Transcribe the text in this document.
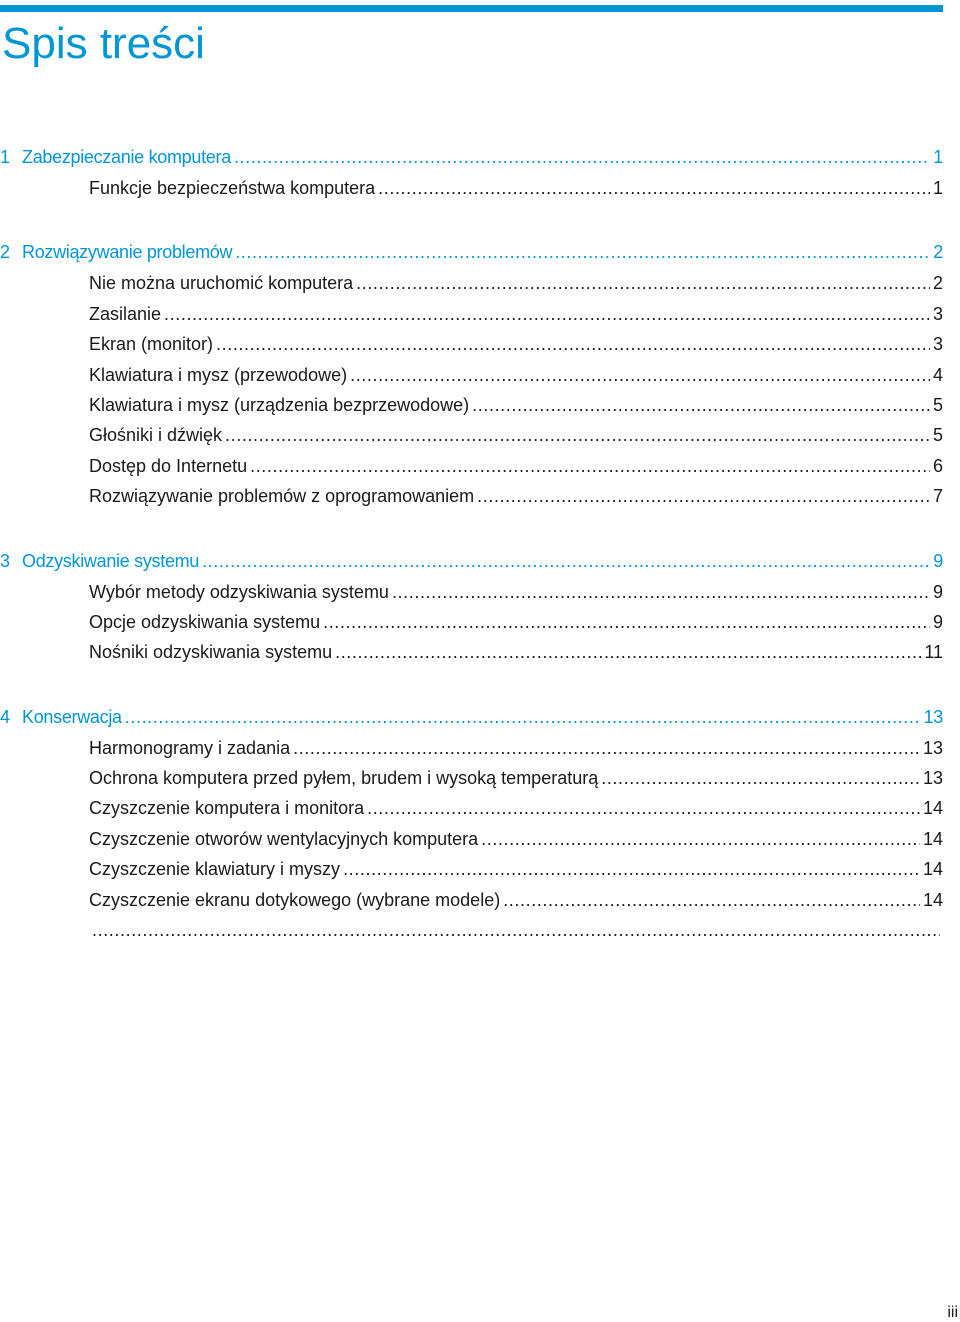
Spis treści
1 Zabezpieczanie komputera .....	1
Funkcje bezpieczeństwa komputera .....	1
2 Rozwiązywanie problemów .....	2
Nie można uruchomić komputera .....	2
Zasilanie .....	3
Ekran (monitor) .....	3
Klawiatura i mysz (przewodowe) .....	4
Klawiatura i mysz (urządzenia bezprzewodowe) .....	5
Głośniki i dźwięk .....	5
Dostęp do Internetu .....	6
Rozwiązywanie problemów z oprogramowaniem .....	7
3 Odzyskiwanie systemu .....	9
Wybór metody odzyskiwania systemu .....	9
Opcje odzyskiwania systemu .....	9
Nośniki odzyskiwania systemu .....	11
4 Konserwacja .....	13
Harmonogramy i zadania .....	13
Ochrona komputera przed pyłem, brudem i wysoką temperaturą .....	13
Czyszczenie komputera i monitora .....	14
Czyszczenie otworów wentylacyjnych komputera .....	14
Czyszczenie klawiatury i myszy .....	14
Czyszczenie ekranu dotykowego (wybrane modele) .....	14
.....
iii
